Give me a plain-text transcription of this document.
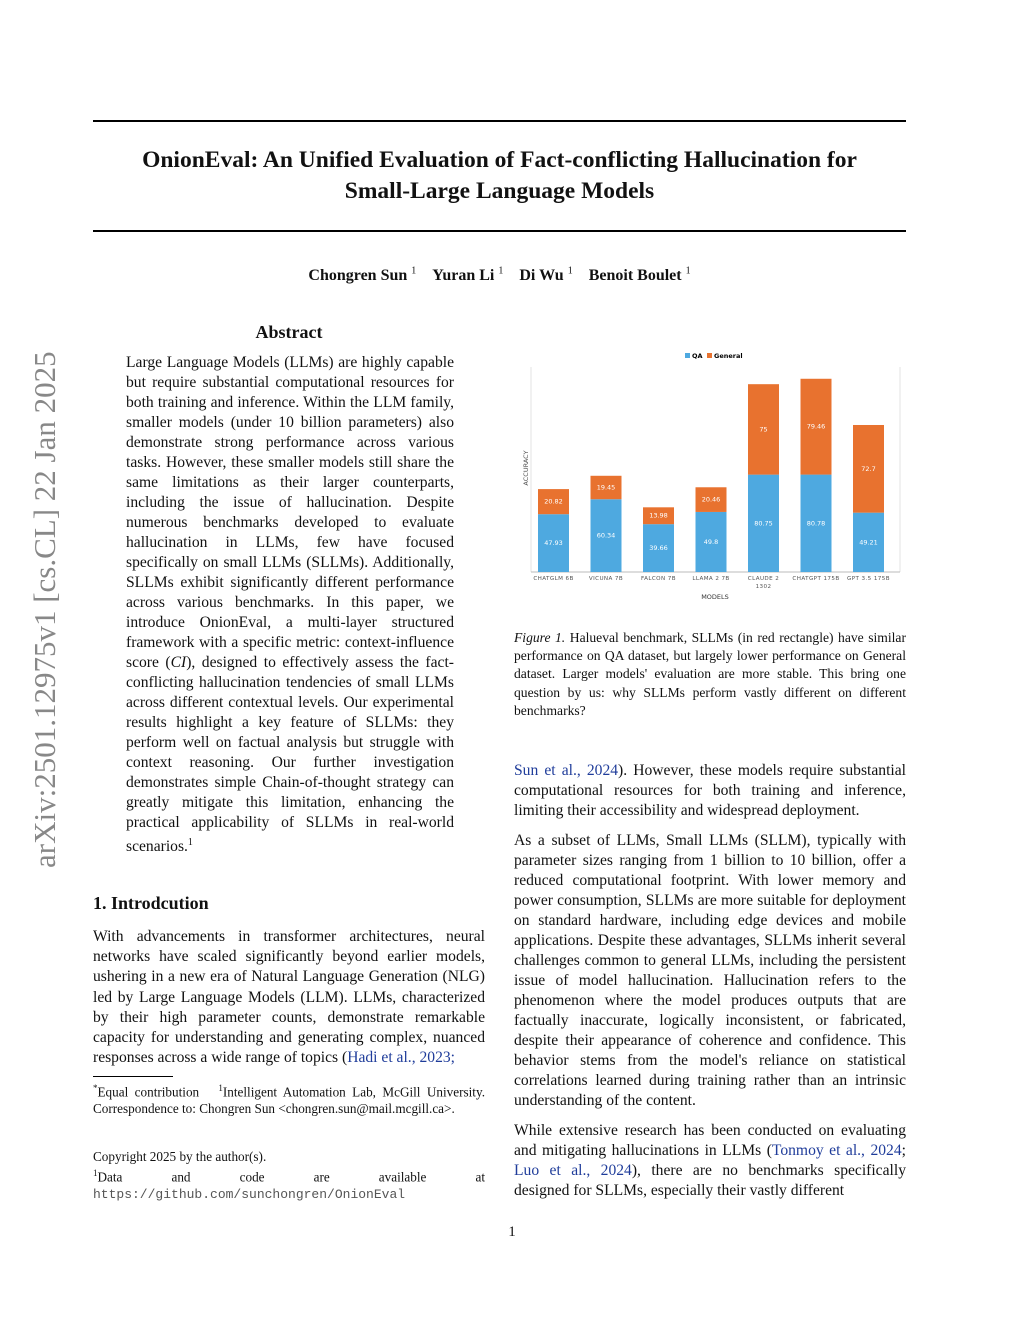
arXiv:2501.12975v1 [cs.CL] 22 Jan 2025
OnionEval: An Unified Evaluation of Fact-conflicting Hallucination for
Small-Large Language Models
Chongren Sun $^1$ Yuran Li $^1$ Di Wu $^1$ Benoit Boulet $^1$
Abstract
Large Language Models (LLMs) are highly capable but require substantial computational resources for both training and inference. Within the LLM family, smaller models (under 10 billion parameters) also demonstrate strong performance across various tasks. However, these smaller models still share the same limitations as their larger counterparts, including the issue of hallucination. Despite numerous benchmarks developed to evaluate hallucination in LLMs, few have focused specifically on small LLMs (SLLMs). Additionally, SLLMs exhibit significantly different performance across various benchmarks. In this paper, we introduce OnionEval, a multi-layer structured framework with a specific metric: context-influence score (CI), designed to effectively assess the fact-conflicting hallucination tendencies of small LLMs across different contextual levels. Our experimental results highlight a key feature of SLLMs: they perform well on factual analysis but struggle with context reasoning. Our further investigation demonstrates simple Chain-of-thought strategy can greatly mitigate this limitation, enhancing the practical applicability of SLLMs in real-world scenarios.$^1$
1. Introdcution
With advancements in transformer architectures, neural networks have scaled significantly beyond earlier models, ushering in a new era of Natural Language Generation (NLG) led by Large Language Models (LLM). LLMs, characterized by their high parameter counts, demonstrate remarkable capacity for understanding and generating complex, nuanced responses across a wide range of topics (Hadi et al., 2023;
*Equal contribution $^1$Intelligent Automation Lab, McGill University. Correspondence to: Chongren Sun <chongren.sun@mail.mcgill.ca>.
Copyright 2025 by the author(s).
$^1$Data and code are available at https://github.com/sunchongren/OnionEval
QA General
ACCURACY
47.93
20.82
CHATGLM 6B
60.34
19.45
VICUNA 7B
39.66
13.98
FALCON 7B
49.8
20.46
LLAMA 2 7B
80.75
75
CLAUDE 2
1302
80.78
79.46
CHATGPT 175B
49.21
72.7
GPT 3.5 175B
MODELS
Figure 1. Halueval benchmark, SLLMs (in red rectangle) have similar performance on QA dataset, but largely lower performance on General dataset. Larger models' evaluation are more stable. This bring one question by us: why SLLMs perform vastly different on different benchmarks?
Sun et al., 2024). However, these models require substantial computational resources for both training and inference, limiting their accessibility and widespread deployment.
As a subset of LLMs, Small LLMs (SLLM), typically with parameter sizes ranging from 1 billion to 10 billion, offer a reduced computational footprint. With lower memory and power consumption, SLLMs are more suitable for deployment on standard hardware, including edge devices and mobile applications. Despite these advantages, SLLMs inherit several challenges common to general LLMs, including the persistent issue of model hallucination. Hallucination refers to the phenomenon where the model produces outputs that are factually inaccurate, logically inconsistent, or fabricated, despite their appearance of coherence and confidence. This behavior stems from the model's reliance on statistical correlations learned during training rather than an intrinsic understanding of the content.
While extensive research has been conducted on evaluating and mitigating hallucinations in LLMs (Tonmoy et al., 2024; Luo et al., 2024), there are no benchmarks specifically designed for SLLMs, especially their vastly different
1
